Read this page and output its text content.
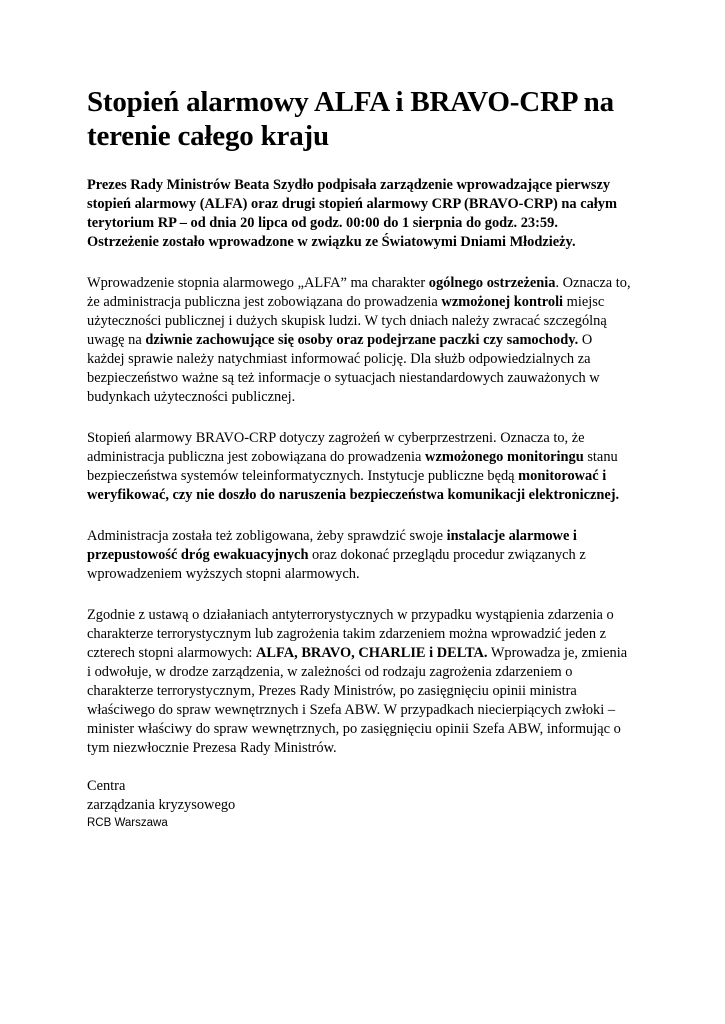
Stopień alarmowy ALFA i BRAVO-CRP na terenie całego kraju
Prezes Rady Ministrów Beata Szydło podpisała zarządzenie wprowadzające pierwszy stopień alarmowy (ALFA) oraz drugi stopień alarmowy CRP (BRAVO-CRP) na całym terytorium RP – od dnia 20 lipca od godz. 00:00 do 1 sierpnia do godz. 23:59. Ostrzeżenie zostało wprowadzone w związku ze Światowymi Dniami Młodzieży.

Wprowadzenie stopnia alarmowego „ALFA” ma charakter ogólnego ostrzeżenia. Oznacza to, że administracja publiczna jest zobowiązana do prowadzenia wzmożonej kontroli miejsc użyteczności publicznej i dużych skupisk ludzi. W tych dniach należy zwracać szczególną uwagę na dziwnie zachowujące się osoby oraz podejrzane paczki czy samochody. O każdej sprawie należy natychmiast informować policję. Dla służb odpowiedzialnych za bezpieczeństwo ważne są też informacje o sytuacjach niestandardowych zauważonych w budynkach użyteczności publicznej.

Stopień alarmowy BRAVO-CRP dotyczy zagrożeń w cyberprzestrzeni. Oznacza to, że administracja publiczna jest zobowiązana do prowadzenia wzmożonego monitoringu stanu bezpieczeństwa systemów teleinformatycznych. Instytucje publiczne będą monitorować i weryfikować, czy nie doszło do naruszenia bezpieczeństwa komunikacji elektronicznej.

Administracja została też zobligowana, żeby sprawdzić swoje instalacje alarmowe i przepustowość dróg ewakuacyjnych oraz dokonać przeglądu procedur związanych z wprowadzeniem wyższych stopni alarmowych.

Zgodnie z ustawą o działaniach antyterrorystycznych w przypadku wystąpienia zdarzenia o charakterze terrorystycznym lub zagrożenia takim zdarzeniem można wprowadzić jeden z czterech stopni alarmowych: ALFA, BRAVO, CHARLIE i DELTA. Wprowadza je, zmienia i odwołuje, w drodze zarządzenia, w zależności od rodzaju zagrożenia zdarzeniem o charakterze terrorystycznym, Prezes Rady Ministrów, po zasięgnięciu opinii ministra właściwego do spraw wewnętrznych i Szefa ABW. W przypadkach niecierpiących zwłoki – minister właściwy do spraw wewnętrznych, po zasięgnięciu opinii Szefa ABW, informując o tym niezwłocznie Prezesa Rady Ministrów.

Centra
zarządzania kryzysowego
RCB Warszawa
